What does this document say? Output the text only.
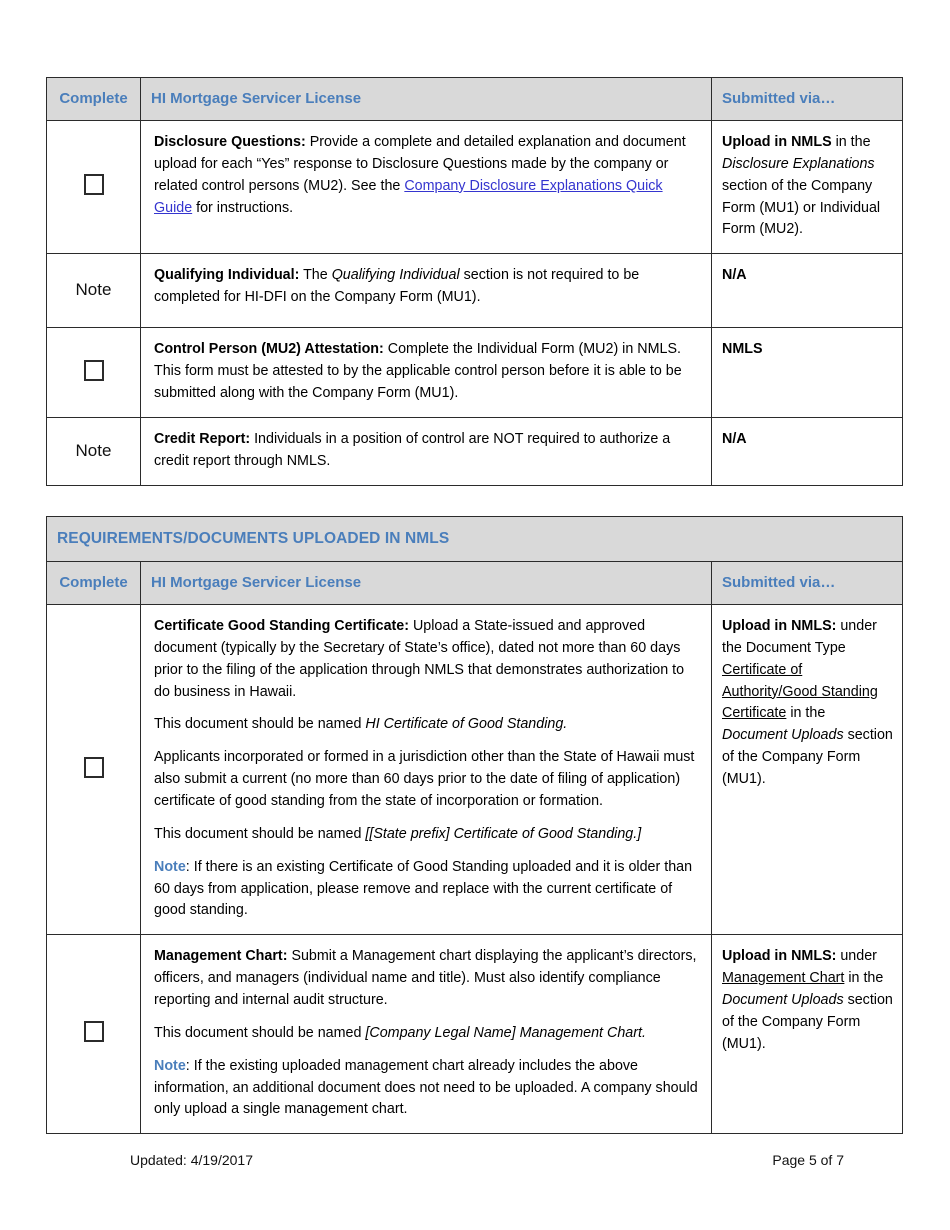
Complete	HI Mortgage Servicer License	Submitted via…

	Disclosure Questions: Provide a complete and detailed explanation and document upload for each “Yes” response to Disclosure Questions made by the company or related control persons (MU2). See the Company Disclosure Explanations Quick Guide for instructions.	Upload in NMLS in the Disclosure Explanations section of the Company Form (MU1) or Individual Form (MU2).

Note	Qualifying Individual: The Qualifying Individual section is not required to be completed for HI-DFI on the Company Form (MU1).	N/A

	Control Person (MU2) Attestation: Complete the Individual Form (MU2) in NMLS. This form must be attested to by the applicable control person before it is able to be submitted along with the Company Form (MU1).	NMLS

Note	Credit Report: Individuals in a position of control are NOT required to authorize a credit report through NMLS.	N/A

REQUIREMENTS/DOCUMENTS UPLOADED IN NMLS		
Complete	HI Mortgage Servicer License	Submitted via…

	Certificate Good Standing Certificate: Upload a State-issued and approved document (typically by the Secretary of State’s office), dated not more than 60 days prior to the filing of the application through NMLS that demonstrates authorization to do business in Hawaii.

This document should be named HI Certificate of Good Standing.

Applicants incorporated or formed in a jurisdiction other than the State of Hawaii must also submit a current (no more than 60 days prior to the date of filing of application) certificate of good standing from the state of incorporation or formation.

This document should be named [[State prefix] Certificate of Good Standing.]

Note: If there is an existing Certificate of Good Standing uploaded and it is older than 60 days from application, please remove and replace with the current certificate of good standing.	Upload in NMLS: under the Document Type Certificate of Authority/Good Standing Certificate in the Document Uploads section of the Company Form (MU1).

	Management Chart: Submit a Management chart displaying the applicant’s directors, officers, and managers (individual name and title). Must also identify compliance reporting and internal audit structure.

This document should be named [Company Legal Name] Management Chart.

Note: If the existing uploaded management chart already includes the above information, an additional document does not need to be uploaded. A company should only upload a single management chart.	Upload in NMLS: under Management Chart in the Document Uploads section of the Company Form (MU1).

Updated: 4/19/2017	Page 5 of 7
